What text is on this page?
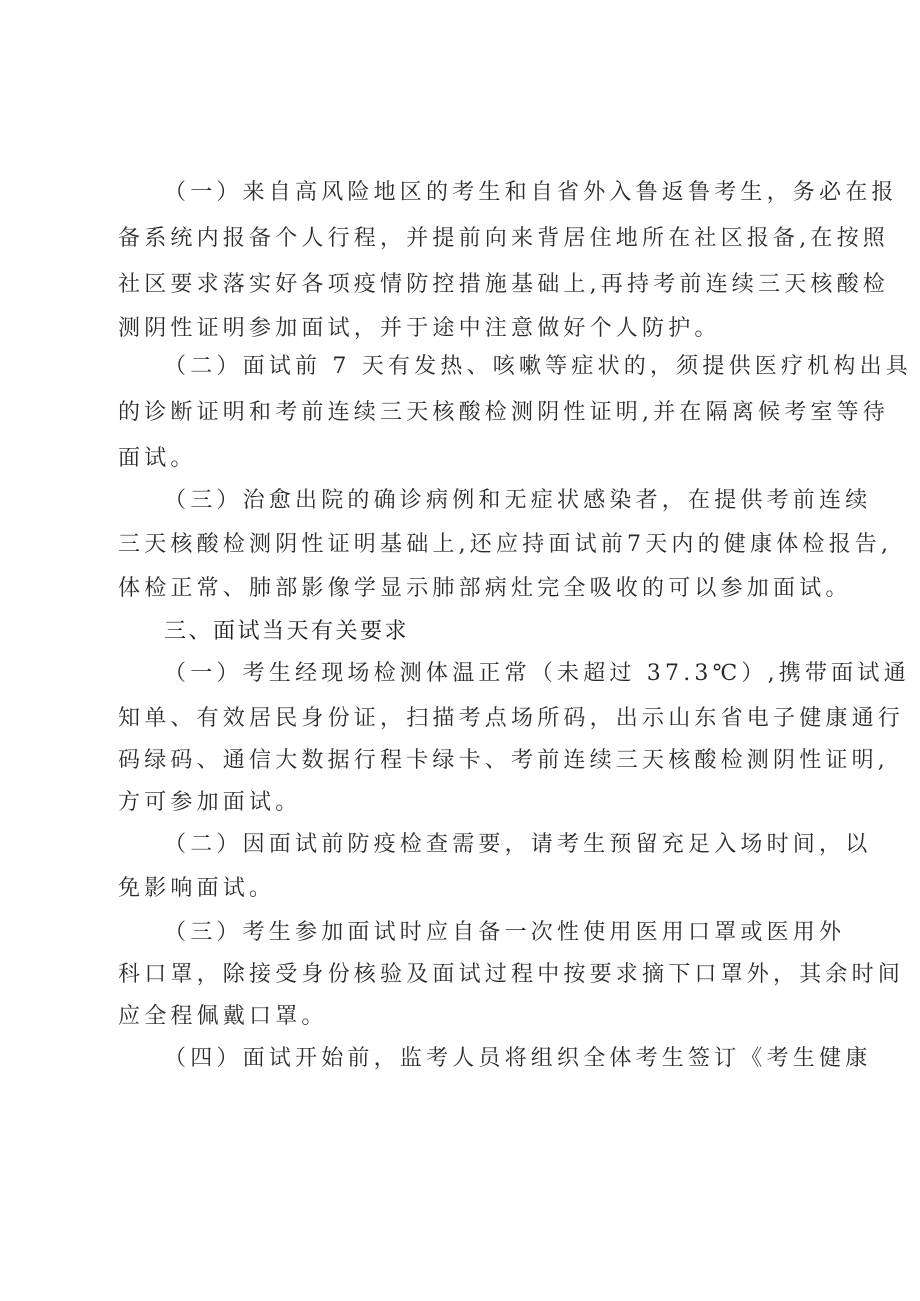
（一）来自高风险地区的考生和自省外入鲁返鲁考生，务必在报
备系统内报备个人行程，并提前向来背居住地所在社区报备,在按照
社区要求落实好各项疫情防控措施基础上,再持考前连续三天核酸检
测阴性证明参加面试，并于途中注意做好个人防护。
（二）面试前 7 天有发热、咳嗽等症状的，须提供医疗机构出具
的诊断证明和考前连续三天核酸检测阴性证明,并在隔离候考室等待
面试。
（三）治愈出院的确诊病例和无症状感染者，在提供考前连续
三天核酸检测阴性证明基础上,还应持面试前7天内的健康体检报告,
体检正常、肺部影像学显示肺部病灶完全吸收的可以参加面试。
三、面试当天有关要求
（一）考生经现场检测体温正常（未超过 37.3℃）,携带面试通
知单、有效居民身份证，扫描考点场所码，出示山东省电子健康通行
码绿码、通信大数据行程卡绿卡、考前连续三天核酸检测阴性证明,
方可参加面试。
（二）因面试前防疫检查需要，请考生预留充足入场时间，以
免影响面试。
（三）考生参加面试时应自备一次性使用医用口罩或医用外
科口罩，除接受身份核验及面试过程中按要求摘下口罩外，其余时间
应全程佩戴口罩。
（四）面试开始前，监考人员将组织全体考生签订《考生健康
